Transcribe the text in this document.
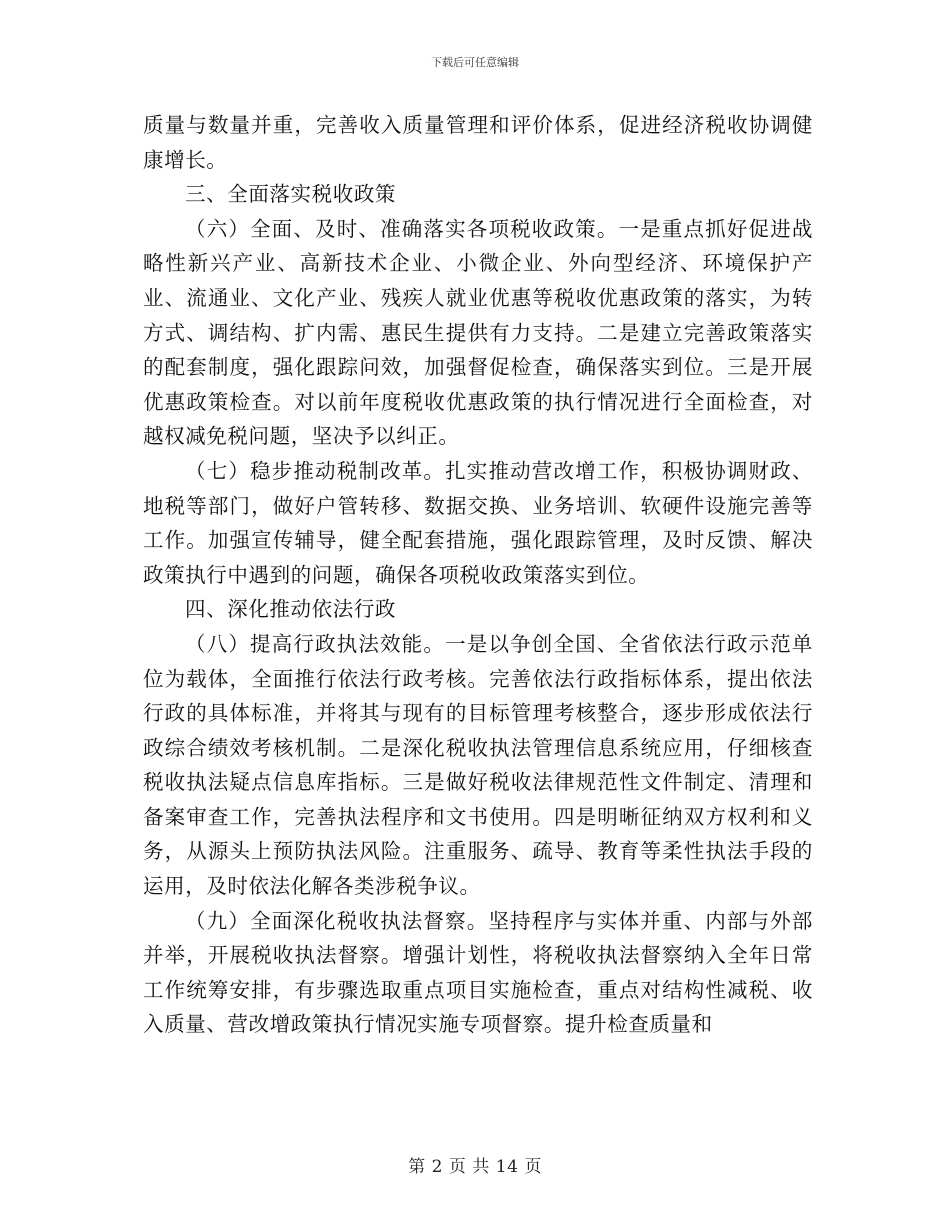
下载后可任意编辑

质量与数量并重，完善收入质量管理和评价体系，促进经济税收协调健康增长。

三、全面落实税收政策

（六）全面、及时、准确落实各项税收政策。一是重点抓好促进战略性新兴产业、高新技术企业、小微企业、外向型经济、环境保护产业、流通业、文化产业、残疾人就业优惠等税收优惠政策的落实，为转方式、调结构、扩内需、惠民生提供有力支持。二是建立完善政策落实的配套制度，强化跟踪问效，加强督促检查，确保落实到位。三是开展优惠政策检查。对以前年度税收优惠政策的执行情况进行全面检查，对越权减免税问题，坚决予以纠正。

（七）稳步推动税制改革。扎实推动营改增工作，积极协调财政、地税等部门，做好户管转移、数据交换、业务培训、软硬件设施完善等工作。加强宣传辅导，健全配套措施，强化跟踪管理，及时反馈、解决政策执行中遇到的问题，确保各项税收政策落实到位。

四、深化推动依法行政

（八）提高行政执法效能。一是以争创全国、全省依法行政示范单位为载体，全面推行依法行政考核。完善依法行政指标体系，提出依法行政的具体标准，并将其与现有的目标管理考核整合，逐步形成依法行政综合绩效考核机制。二是深化税收执法管理信息系统应用，仔细核查税收执法疑点信息库指标。三是做好税收法律规范性文件制定、清理和备案审查工作，完善执法程序和文书使用。四是明晰征纳双方权利和义务，从源头上预防执法风险。注重服务、疏导、教育等柔性执法手段的运用，及时依法化解各类涉税争议。

（九）全面深化税收执法督察。坚持程序与实体并重、内部与外部并举，开展税收执法督察。增强计划性，将税收执法督察纳入全年日常工作统筹安排，有步骤选取重点项目实施检查，重点对结构性减税、收入质量、营改增政策执行情况实施专项督察。提升检查质量和

第 2 页 共 14 页
